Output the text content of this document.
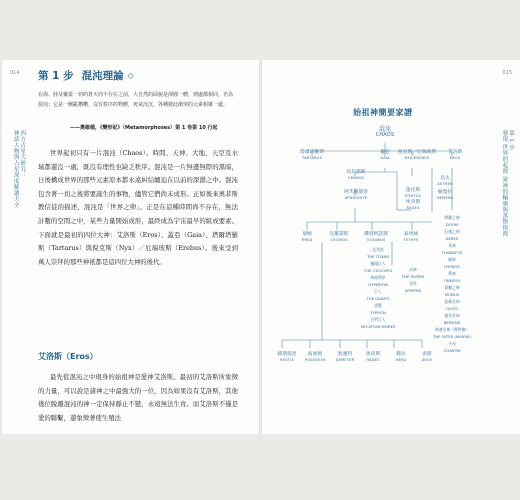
014
西方占星大研究：
神話人物與占星深度解讀大全
第 1 步 混沌理論 ◇
在海、陸及覆蓋一切的蒼天尚不存在之前，大自然的面貌是渾圓一體，到處都相同，名為混沌；它是一團亂糟糟、沒有秩序的物體，死氣沉沉，各種彼此衝突的元素相雜一處。
——奧維德，《變形記》（Metamorphoses）第 1 卷第 10 行起
世界起初只有一片混沌（Chaos）。時間、天神、大地、天空及水域都還沒一處，既沒有理性也缺乏秩序。混沌是一片無邊無際的黑暗，日後構成世界的那些元素原本都永遠糾結纏迫在以前的深淵之中。混沌包含著一切之後將要誕生的事物，儘管它們尚未成形。正如後來奧菲斯教信徒的描述，混沌是「世界之卵」。正是在這種時間尚不存在，無法計數的空間之中，某些力量開始成形，最終成為宇宙最早的組成要素。下面就是最初的四位大神：艾洛斯（Eros）、蓋亞（Gaia）、塔爾塔羅斯（Tartarus）與倪克斯（Nyx）／厄瑞玻斯（Erebus）。後來受到萬人崇拜的那些神祇都是這四位大神的後代。
艾洛斯（Eros）
最先從混沌之中現身的始祖神是愛神艾洛斯。最初的艾洛斯所象徵的力量，可以說是諸神之中最強大的一位，因為如果沒有艾洛斯，其他幾位脫離混沌的神一定保持靜止不變，永遠無法生育。而艾洛斯不僅是愛的聯繫，還象徵著使生殖法
015
第 1 步
發現 世界的起源 眾神的輪廓與萬物根源
始祖神簡要家譜
混沌
CHAOS
塔爾塔羅斯
TARTARUS
蓋亞
GAIA
倪克斯／厄瑞玻斯
NYX/EREBUS
艾洛斯
EROS
烏拉諾斯
URANUS
阿芙蘿黛蒂
APHRODITE
以太
AETHER
赫墨拉
HEMERA
蓬托斯
PONTUS
埃癸斯
AEGEA
瑞婭
RHEA
克羅諾斯
CRONOS
俄刻阿諾斯
OCEANUS
泰西絲
TETHYS
及其他
THE TITANS
獨眼巨人
THE CYCLOPES
海柏利昂
HYPERION
巨人
THE GIANTS
堤豐
TYPHON
百臂巨人
HECATONCHEIRES
河神
THE RIVERS
寧芙
NYMPHS
摩羅之神
DOOM
厄運之神
KERES
死神
THANATOS
睡神
HYPNOS
夢神
ONEIROI
責難之神
MOMUS
悲痛女神
OIZYS
復仇女神
NEMESIS
命運女神（摩伊賴）
THE FATES (MOIRAI)
卡戎
CHARON
赫斯提亞
HESTIA
波塞頓
POSEIDON
狄蜜特
DEMETER
黑帝斯
HADES
赫拉
HERA
宙斯
ZEUS
